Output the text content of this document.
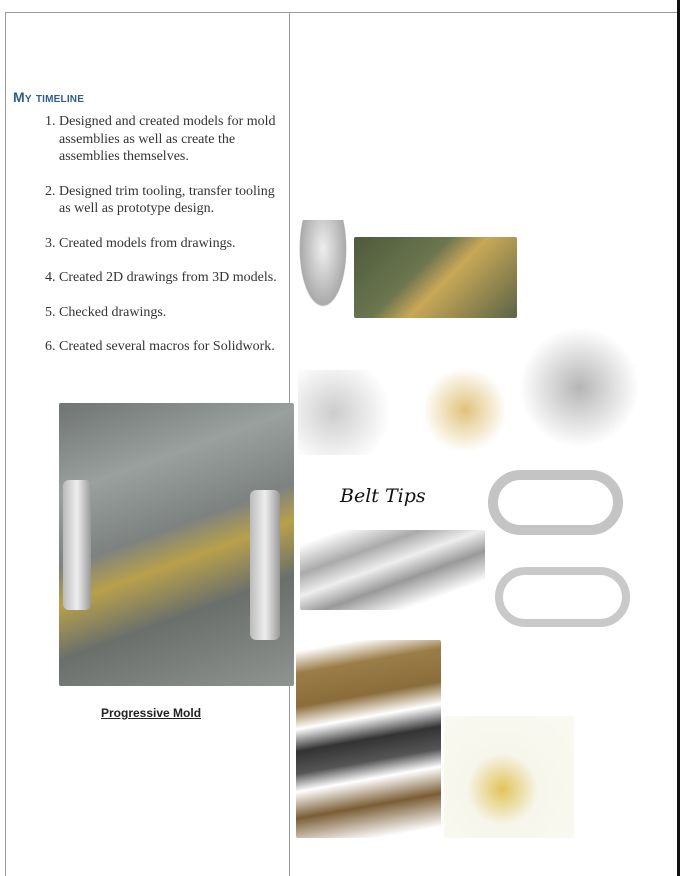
My timeline
1. Designed and created models for mold assemblies as well as create the assemblies themselves.
2. Designed trim tooling, transfer tooling as well as prototype design.
3. Created models from drawings.
4. Created 2D drawings from 3D models.
5. Checked drawings.
6. Created several macros for Solidwork.
Progressive Mold
Belt Tips
